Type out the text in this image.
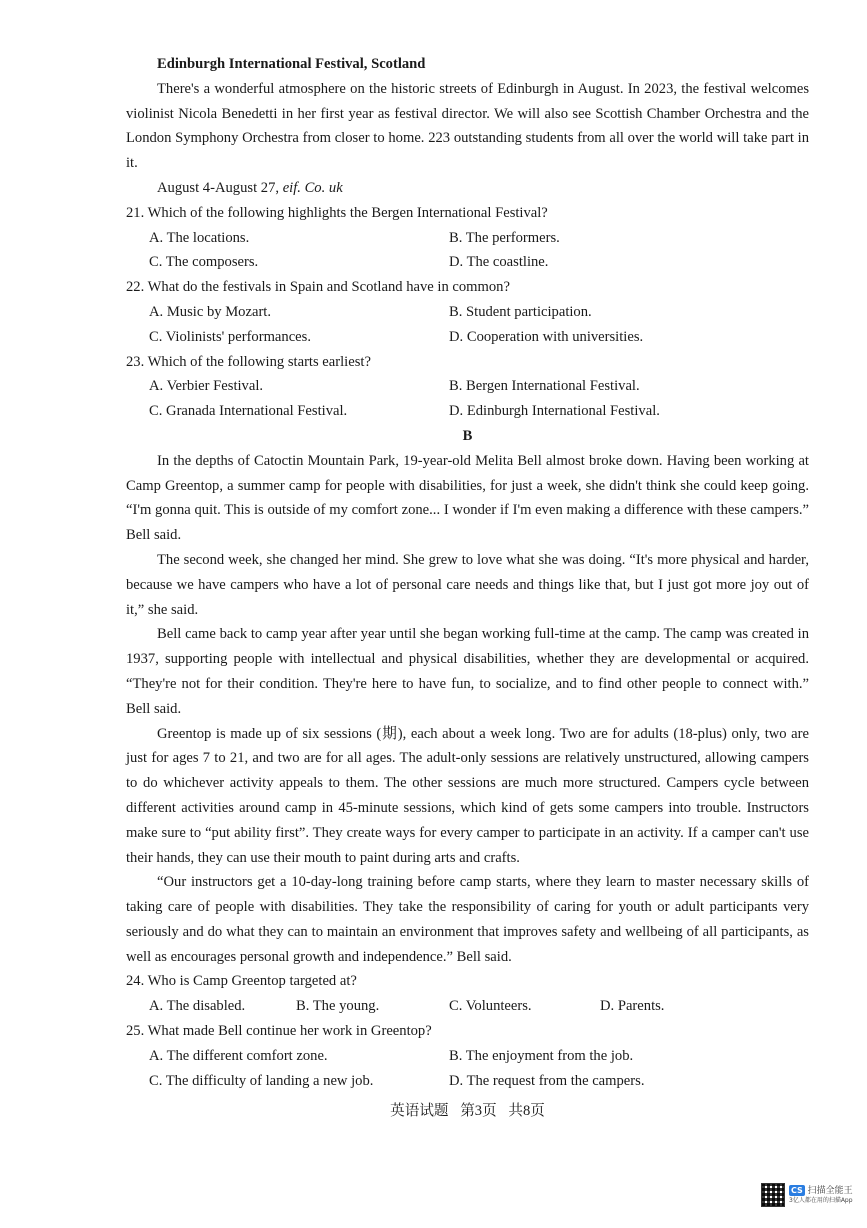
Edinburgh International Festival, Scotland

There's a wonderful atmosphere on the historic streets of Edinburgh in August. In 2023, the festival welcomes violinist Nicola Benedetti in her first year as festival director. We will also see Scottish Chamber Orchestra and the London Symphony Orchestra from closer to home. 223 outstanding students from all over the world will take part in it.

August 4-August 27, eif. Co. uk
21. Which of the following highlights the Bergen International Festival?
A. The locations.	B. The performers.
C. The composers.	D. The coastline.
22. What do the festivals in Spain and Scotland have in common?
A. Music by Mozart.	B. Student participation.
C. Violinists' performances.	D. Cooperation with universities.
23. Which of the following starts earliest?
A. Verbier Festival.	B. Bergen International Festival.
C. Granada International Festival.	D. Edinburgh International Festival.
B

In the depths of Catoctin Mountain Park, 19-year-old Melita Bell almost broke down. Having been working at Camp Greentop, a summer camp for people with disabilities, for just a week, she didn't think she could keep going. “I'm gonna quit. This is outside of my comfort zone... I wonder if I'm even making a difference with these campers.” Bell said.

The second week, she changed her mind. She grew to love what she was doing. “It's more physical and harder, because we have campers who have a lot of personal care needs and things like that, but I just got more joy out of it,” she said.

Bell came back to camp year after year until she began working full-time at the camp. The camp was created in 1937, supporting people with intellectual and physical disabilities, whether they are developmental or acquired. “They're not for their condition. They're here to have fun, to socialize, and to find other people to connect with.” Bell said.

Greentop is made up of six sessions (期), each about a week long. Two are for adults (18-plus) only, two are just for ages 7 to 21, and two are for all ages. The adult-only sessions are relatively unstructured, allowing campers to do whichever activity appeals to them. The other sessions are much more structured. Campers cycle between different activities around camp in 45-minute sessions, which kind of gets some campers into trouble. Instructors make sure to “put ability first”. They create ways for every camper to participate in an activity. If a camper can't use their hands, they can use their mouth to paint during arts and crafts.

“Our instructors get a 10-day-long training before camp starts, where they learn to master necessary skills of taking care of people with disabilities. They take the responsibility of caring for youth or adult participants very seriously and do what they can to maintain an environment that improves safety and wellbeing of all participants, as well as encourages personal growth and independence.” Bell said.

24. Who is Camp Greentop targeted at?
A. The disabled.	B. The young.	C. Volunteers.	D. Parents.
25. What made Bell continue her work in Greentop?
A. The different comfort zone.	B. The enjoyment from the job.
C. The difficulty of landing a new job.	D. The request from the campers.
英语试题 第3页 共8页
CS 扫描全能王
3亿人都在用的扫描App
